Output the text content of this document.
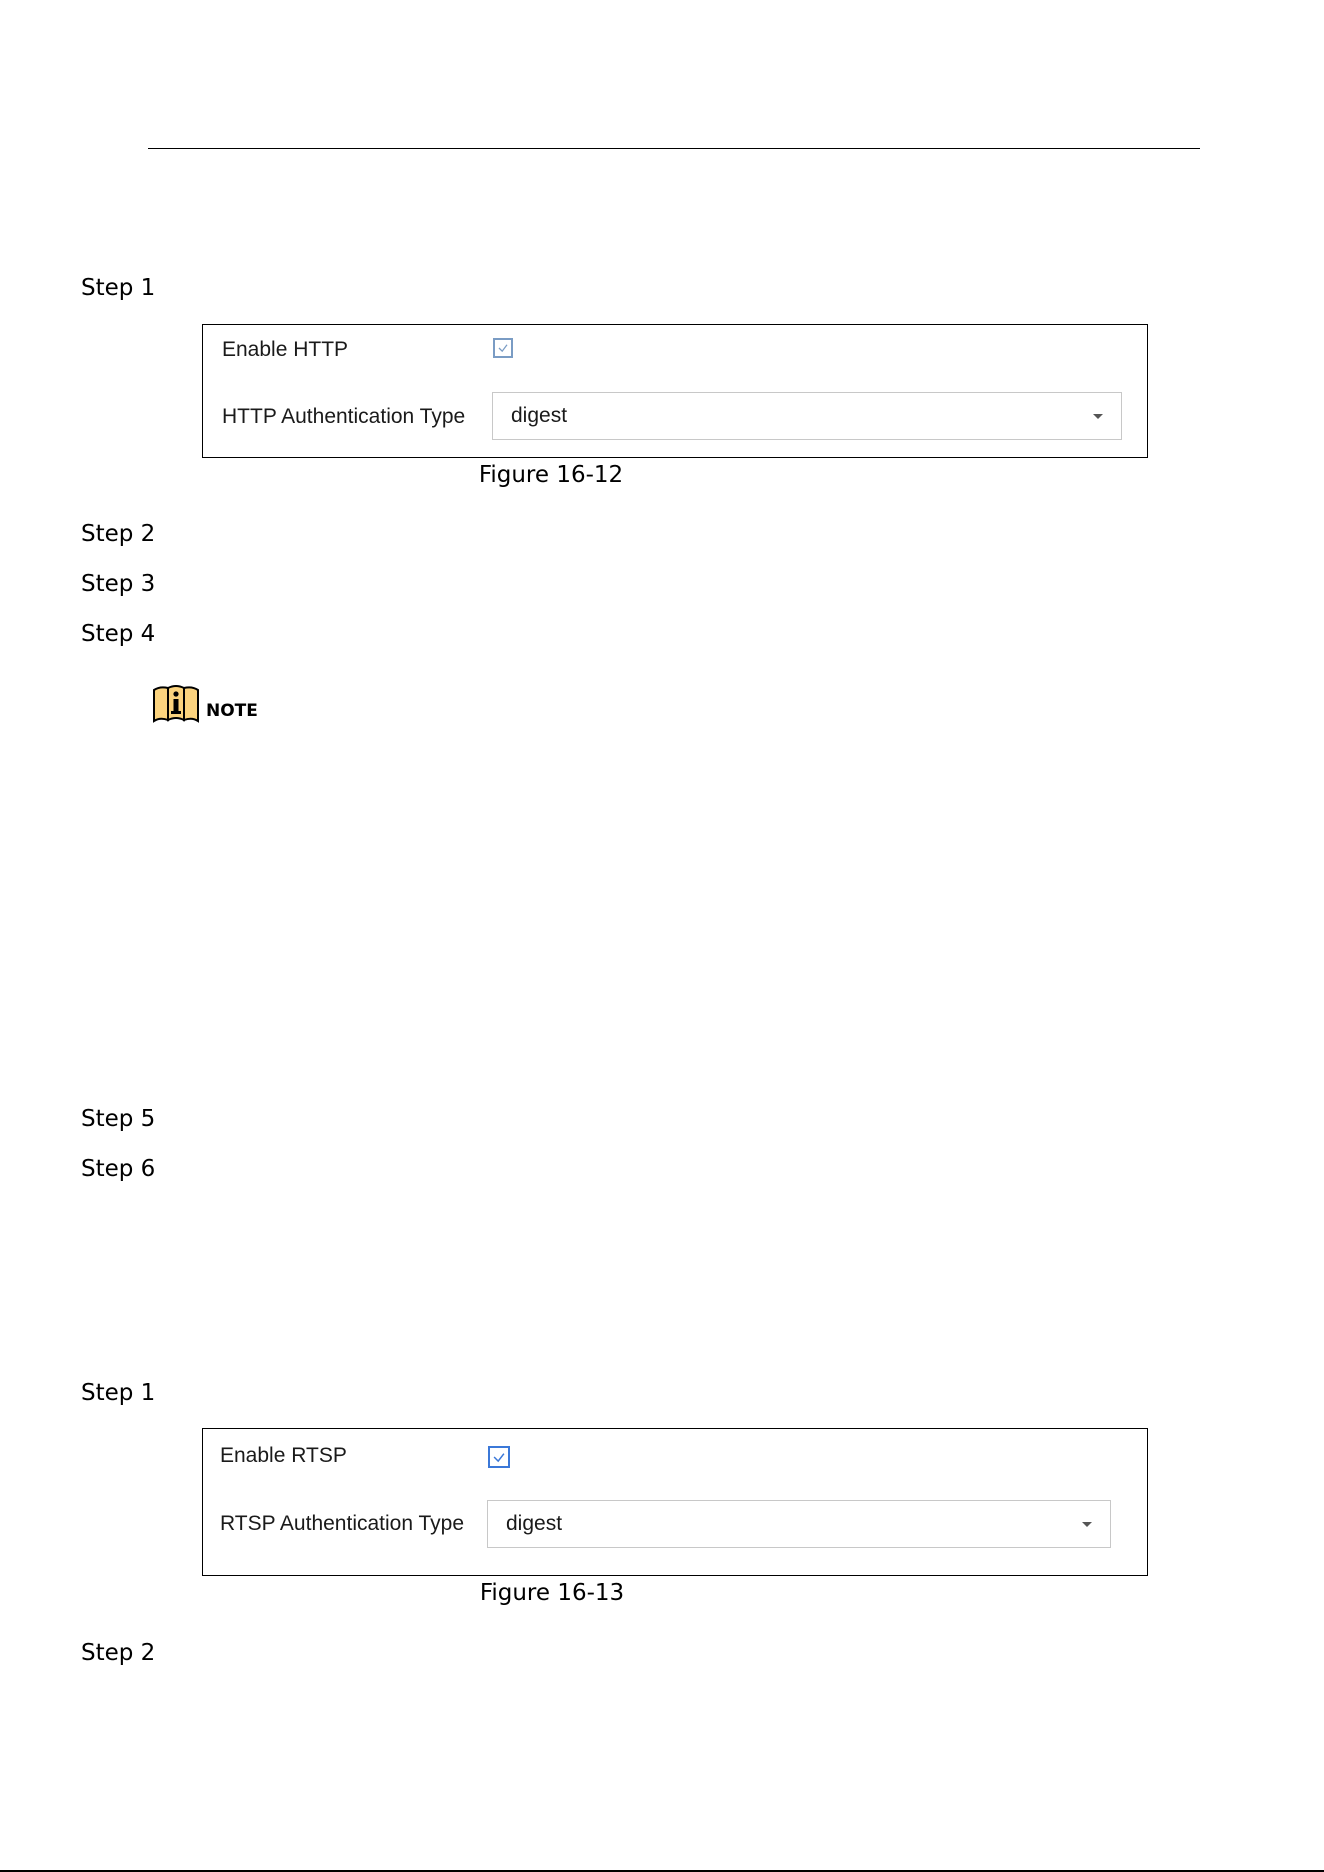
Step 1
Enable HTTP
HTTP Authentication Type digest
Figure 16-12
Step 2
Step 3
Step 4
NOTE
Step 5
Step 6
Step 1
Enable RTSP
RTSP Authentication Type digest
Figure 16-13
Step 2
